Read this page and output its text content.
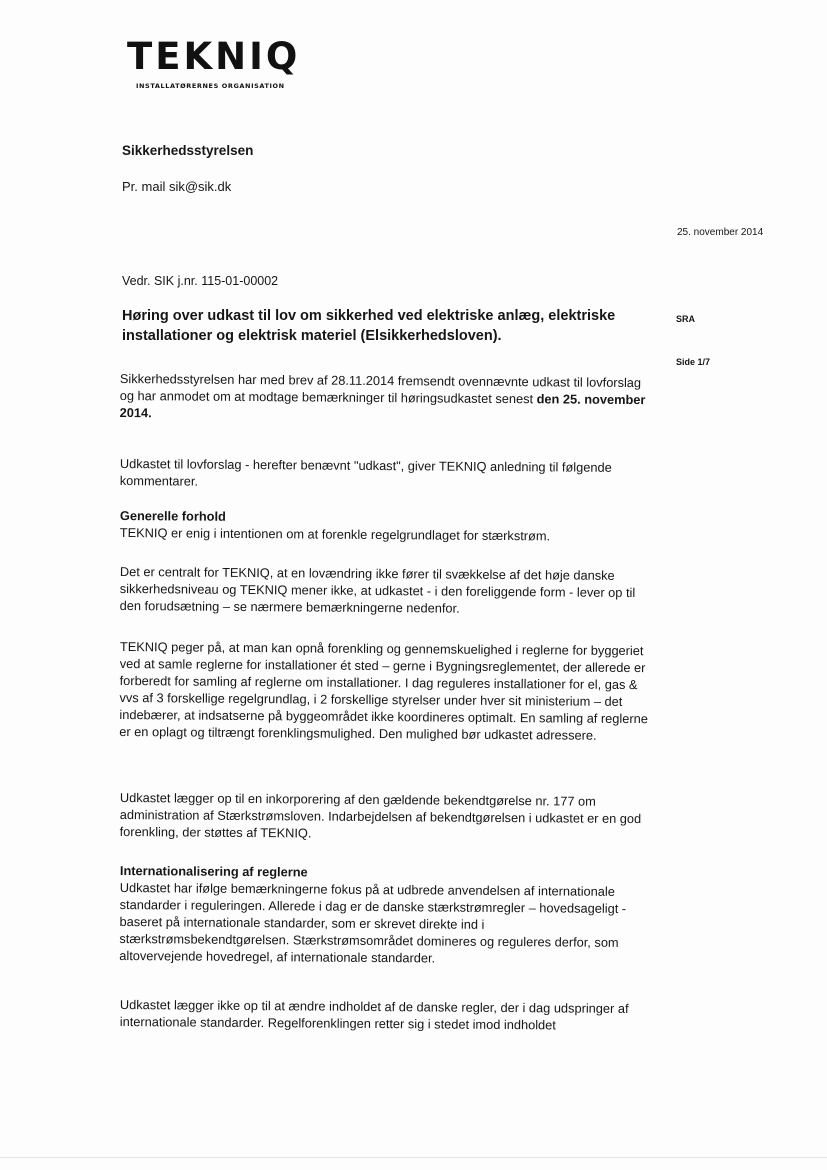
TEKNIQ
INSTALLATØRERNES ORGANISATION
Sikkerhedsstyrelsen
Pr. mail sik@sik.dk
25. november 2014
Vedr. SIK j.nr. 115-01-00002
Høring over udkast til lov om sikkerhed ved elektriske anlæg, elektriske installationer og elektrisk materiel (Elsikkerhedsloven).
SRA
Side 1/7
Sikkerhedsstyrelsen har med brev af 28.11.2014 fremsendt ovennævnte udkast til lovforslag og har anmodet om at modtage bemærkninger til høringsudkastet senest den 25. november 2014.

Udkastet til lovforslag - herefter benævnt "udkast", giver TEKNIQ anledning til følgende kommentarer.

Generelle forhold
TEKNIQ er enig i intentionen om at forenkle regelgrundlaget for stærkstrøm.

Det er centralt for TEKNIQ, at en lovændring ikke fører til svækkelse af det høje danske sikkerhedsniveau og TEKNIQ mener ikke, at udkastet - i den foreliggende form - lever op til den forudsætning – se nærmere bemærkningerne nedenfor.

TEKNIQ peger på, at man kan opnå forenkling og gennemskuelighed i reglerne for byggeriet ved at samle reglerne for installationer ét sted – gerne i Bygningsreglementet, der allerede er forberedt for samling af reglerne om installationer. I dag reguleres installationer for el, gas & vvs af 3 forskellige regelgrundlag, i 2 forskellige styrelser under hver sit ministerium – det indebærer, at indsatserne på byggeområdet ikke koordineres optimalt. En samling af reglerne er en oplagt og tiltrængt forenklingsmulighed. Den mulighed bør udkastet adressere.

Udkastet lægger op til en inkorporering af den gældende bekendtgørelse nr. 177 om administration af Stærkstrømsloven. Indarbejdelsen af bekendtgørelsen i udkastet er en god forenkling, der støttes af TEKNIQ.

Internationalisering af reglerne
Udkastet har ifølge bemærkningerne fokus på at udbrede anvendelsen af internationale standarder i reguleringen. Allerede i dag er de danske stærkstrømregler – hovedsageligt - baseret på internationale standarder, som er skrevet direkte ind i stærkstrømsbekendtgørelsen. Stærkstrømsområdet domineres og reguleres derfor, som altovervejende hovedregel, af internationale standarder.

Udkastet lægger ikke op til at ændre indholdet af de danske regler, der i dag udspringer af internationale standarder. Regelforenklingen retter sig i stedet imod indholdet
